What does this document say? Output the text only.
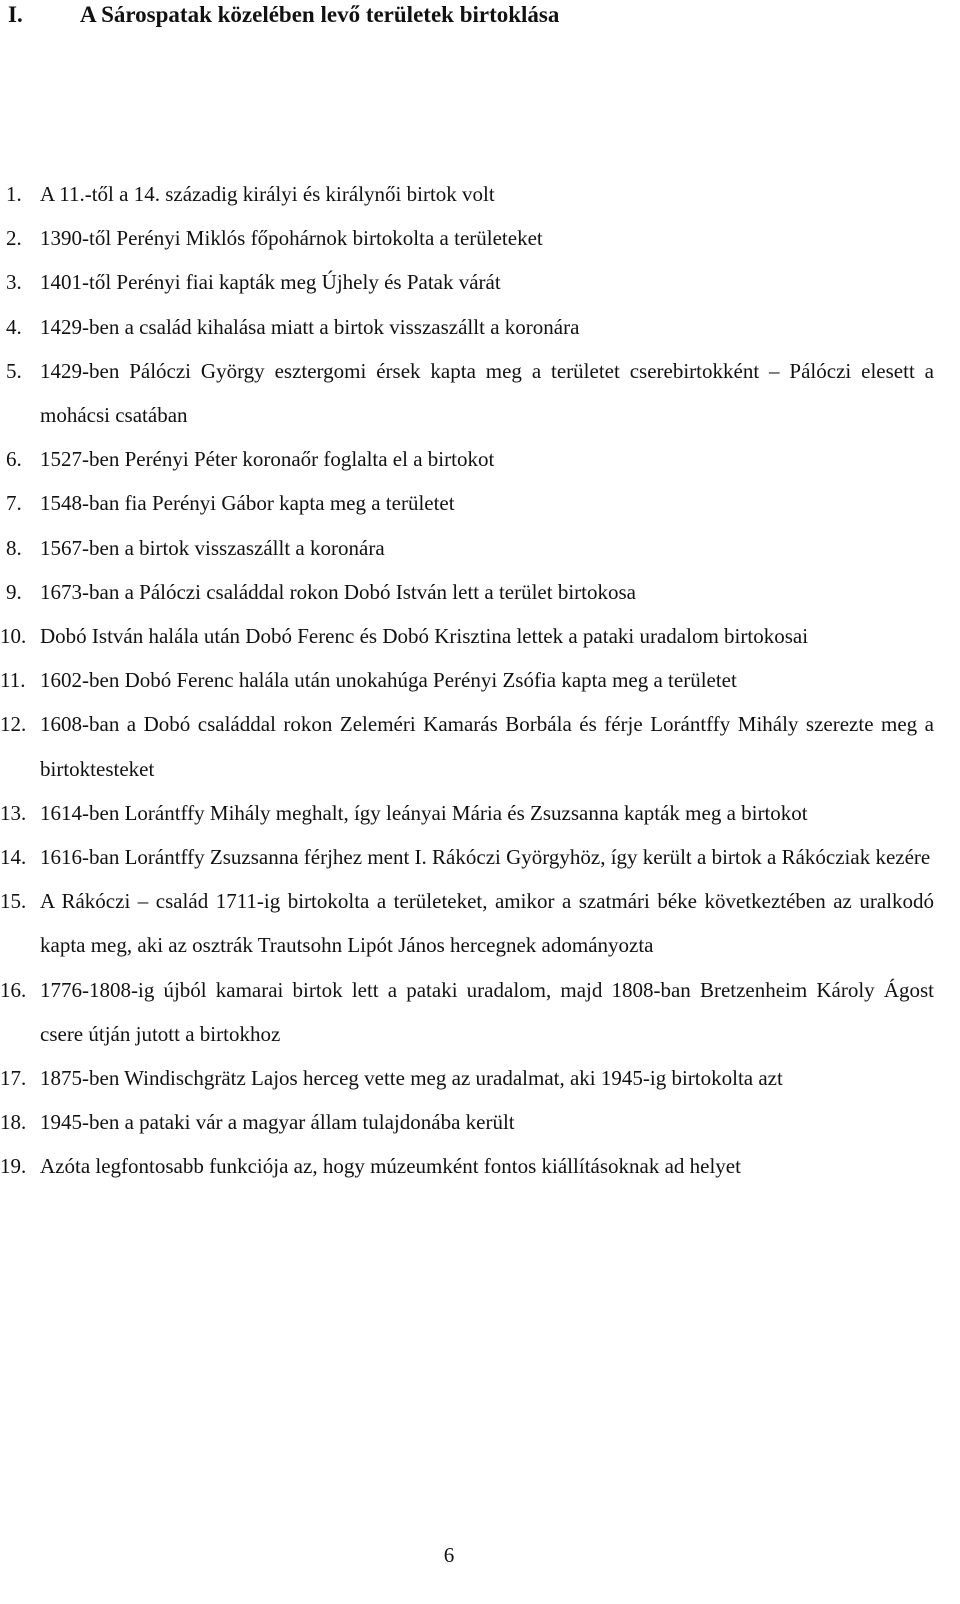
I. A Sárospatak közelében levő területek birtoklása
1. A 11.-től a 14. századig királyi és királynői birtok volt
2. 1390-től Perényi Miklós főpohárnok birtokolta a területeket
3. 1401-től Perényi fiai kapták meg Újhely és Patak várát
4. 1429-ben a család kihalása miatt a birtok visszaszállt a koronára
5. 1429-ben Pálóczi György esztergomi érsek kapta meg a területet cserebirtokként – Pálóczi elesett a mohácsi csatában
6. 1527-ben Perényi Péter koronaőr foglalta el a birtokot
7. 1548-ban fia Perényi Gábor kapta meg a területet
8. 1567-ben a birtok visszaszállt a koronára
9. 1673-ban a Pálóczi családdal rokon Dobó István lett a terület birtokosa
10. Dobó István halála után Dobó Ferenc és Dobó Krisztina lettek a pataki uradalom birtokosai
11. 1602-ben Dobó Ferenc halála után unokahúga Perényi Zsófia kapta meg a területet
12. 1608-ban a Dobó családdal rokon Zeleméri Kamarás Borbála és férje Lorántffy Mihály szerezte meg a birtoktesteket
13. 1614-ben Lorántffy Mihály meghalt, így leányai Mária és Zsuzsanna kapták meg a birtokot
14. 1616-ban Lorántffy Zsuzsanna férjhez ment I. Rákóczi Györgyhöz, így került a birtok a Rákócziak kezére
15. A Rákóczi – család 1711-ig birtokolta a területeket, amikor a szatmári béke következtében az uralkodó kapta meg, aki az osztrák Trautsohn Lipót János hercegnek adományozta
16. 1776-1808-ig újból kamarai birtok lett a pataki uradalom, majd 1808-ban Bretzenheim Károly Ágost csere útján jutott a birtokhoz
17. 1875-ben Windischgrätz Lajos herceg vette meg az uradalmat, aki 1945-ig birtokolta azt
18. 1945-ben a pataki vár a magyar állam tulajdonába került
19. Azóta legfontosabb funkciója az, hogy múzeumként fontos kiállításoknak ad helyet
6
